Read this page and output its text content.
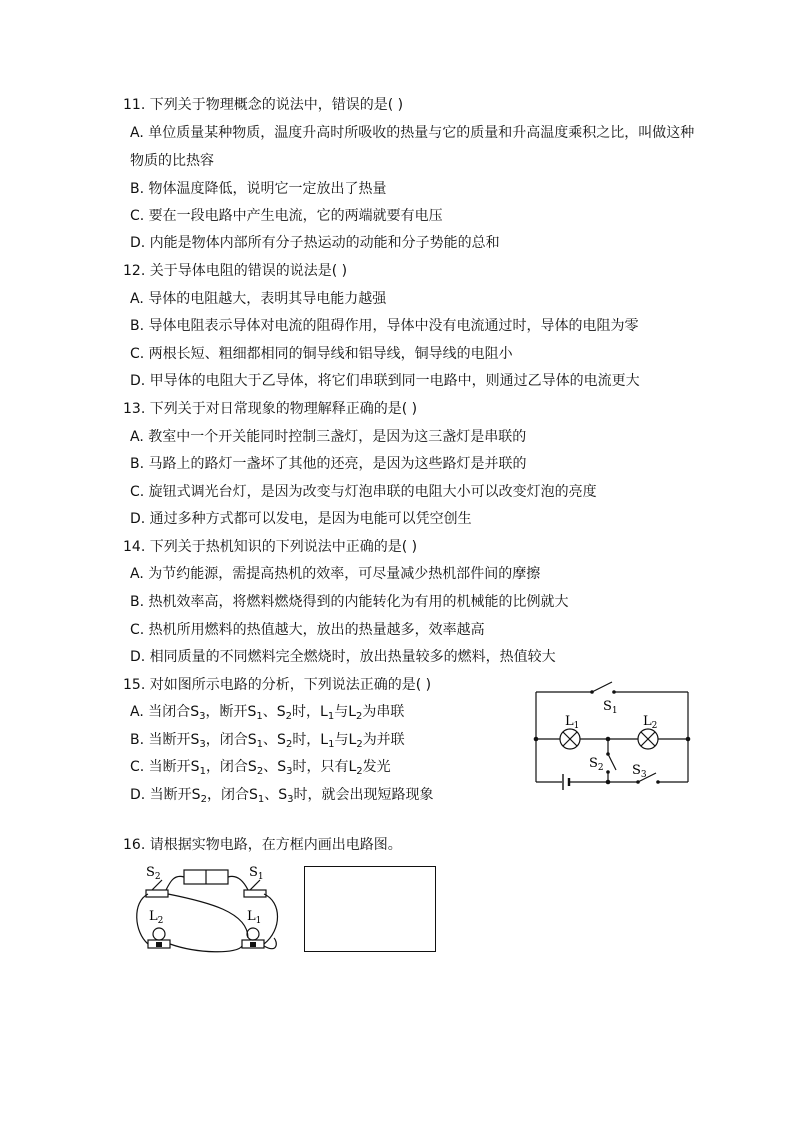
11. 下列关于物理概念的说法中，错误的是( )
A. 单位质量某种物质，温度升高时所吸收的热量与它的质量和升高温度乘积之比，叫做这种
物质的比热容
B. 物体温度降低，说明它一定放出了热量
C. 要在一段电路中产生电流，它的两端就要有电压
D. 内能是物体内部所有分子热运动的动能和分子势能的总和
12. 关于导体电阻的错误的说法是( )
A. 导体的电阻越大，表明其导电能力越强
B. 导体电阻表示导体对电流的阻碍作用，导体中没有电流通过时，导体的电阻为零
C. 两根长短、粗细都相同的铜导线和铝导线，铜导线的电阻小
D. 甲导体的电阻大于乙导体，将它们串联到同一电路中，则通过乙导体的电流更大
13. 下列关于对日常现象的物理解释正确的是( )
A. 教室中一个开关能同时控制三盏灯，是因为这三盏灯是串联的
B. 马路上的路灯一盏坏了其他的还亮，是因为这些路灯是并联的
C. 旋钮式调光台灯，是因为改变与灯泡串联的电阻大小可以改变灯泡的亮度
D. 通过多种方式都可以发电，是因为电能可以凭空创生
14. 下列关于热机知识的下列说法中正确的是( )
A. 为节约能源，需提高热机的效率，可尽量减少热机部件间的摩擦
B. 热机效率高，将燃料燃烧得到的内能转化为有用的机械能的比例就大
C. 热机所用燃料的热值越大，放出的热量越多，效率越高
D. 相同质量的不同燃料完全燃烧时，放出热量较多的燃料，热值较大
15. 对如图所示电路的分析，下列说法正确的是( )
A. 当闭合$S_3$，断开$S_1$、$S_2$时，$L_1$与$L_2$为串联
B. 当断开$S_3$，闭合$S_1$、$S_2$时，$L_1$与$L_2$为并联
C. 当断开$S_1$，闭合$S_2$、$S_3$时，只有$L_2$发光
D. 当断开$S_2$，闭合$S_1$、$S_3$时，就会出现短路现象
$S_1$
$L_1$	$L_2$
$S_2$ $S_3$
16. 请根据实物电路，在方框内画出电路图。
$S_2$	$S_1$
$L_2$	$L_1$
